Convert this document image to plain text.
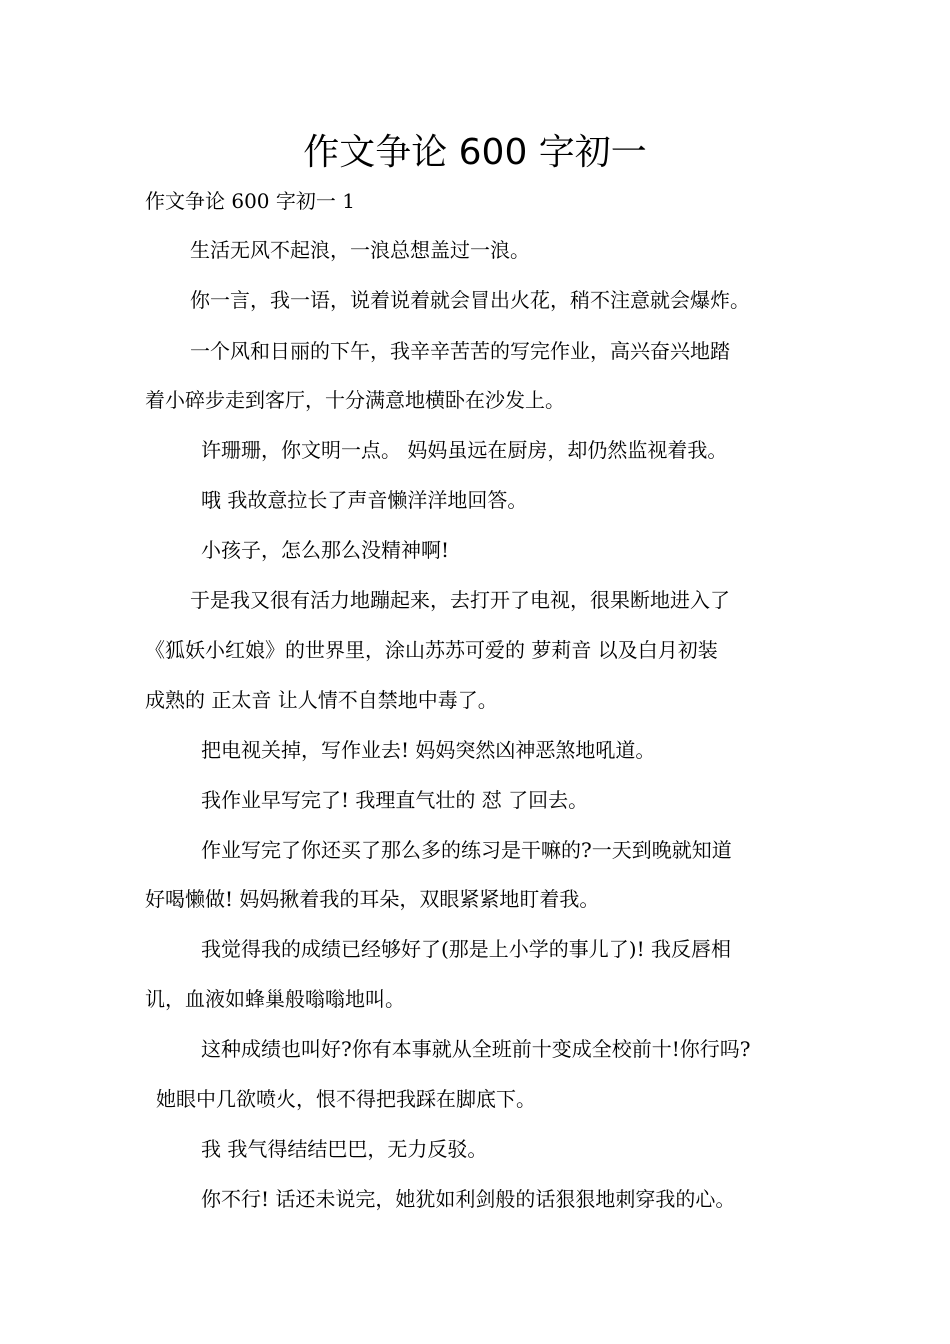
作文争论 600 字初一

作文争论 600 字初一 1

生活无风不起浪，一浪总想盖过一浪。

你一言，我一语，说着说着就会冒出火花，稍不注意就会爆炸。

一个风和日丽的下午，我辛辛苦苦的写完作业，高兴奋兴地踏

着小碎步走到客厅，十分满意地横卧在沙发上。

许珊珊，你文明一点。 妈妈虽远在厨房，却仍然监视着我。

哦 我故意拉长了声音懒洋洋地回答。

小孩子，怎么那么没精神啊!

于是我又很有活力地蹦起来，去打开了电视，很果断地进入了

《狐妖小红娘》的世界里，涂山苏苏可爱的 萝莉音 以及白月初装

成熟的 正太音 让人情不自禁地中毒了。

把电视关掉，写作业去! 妈妈突然凶神恶煞地吼道。

我作业早写完了! 我理直气壮的 怼 了回去。

作业写完了你还买了那么多的练习是干嘛的?一天到晚就知道

好喝懒做! 妈妈揪着我的耳朵，双眼紧紧地盯着我。

我觉得我的成绩已经够好了(那是上小学的事儿了)! 我反唇相

讥，血液如蜂巢般嗡嗡地叫。

这种成绩也叫好?你有本事就从全班前十变成全校前十!你行吗?

她眼中几欲喷火，恨不得把我踩在脚底下。

我 我气得结结巴巴，无力反驳。

你不行! 话还未说完，她犹如利剑般的话狠狠地刺穿我的心。
